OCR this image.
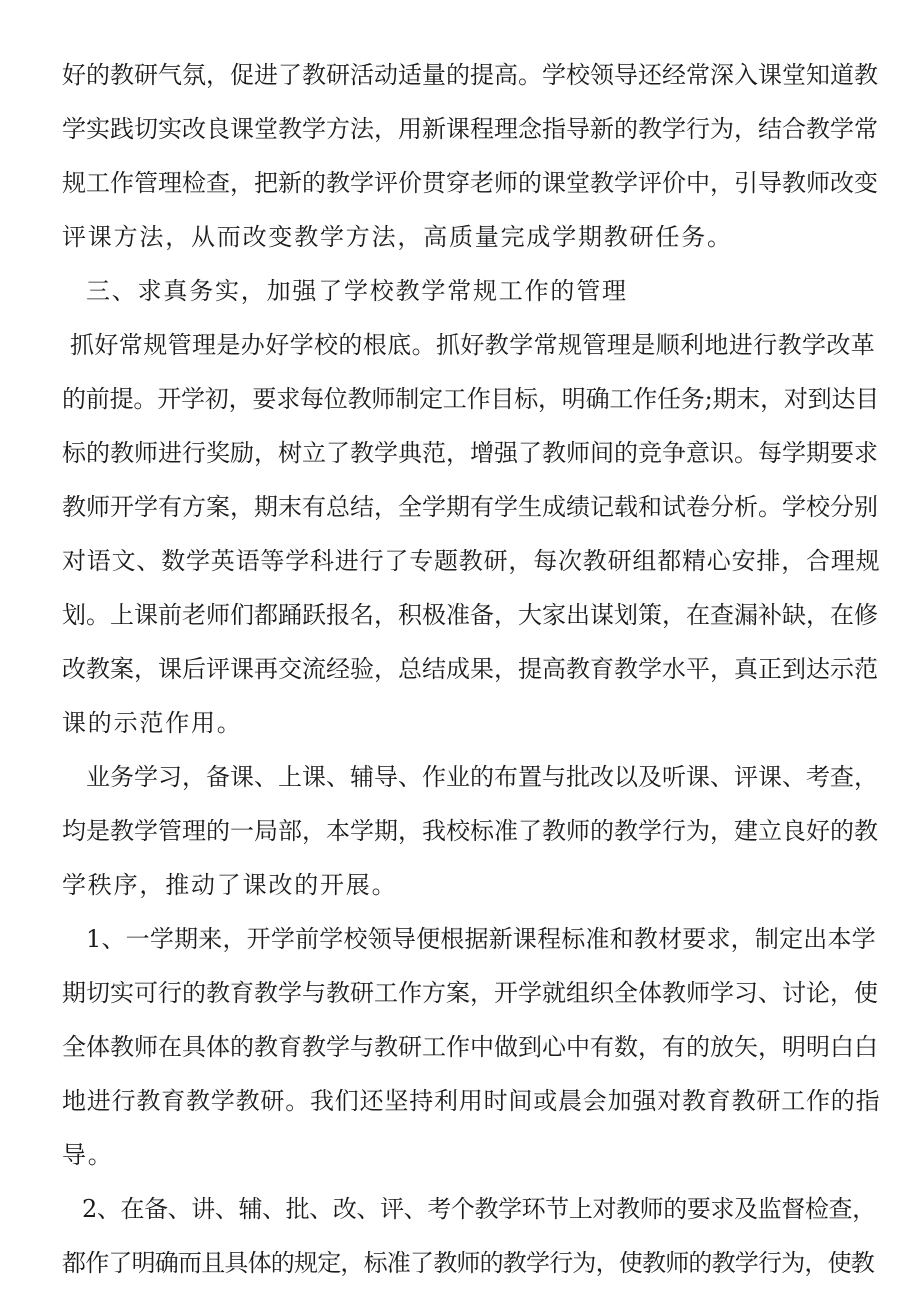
好的教研气氛，促进了教研活动适量的提高。学校领导还经常深入课堂知道教
学实践切实改良课堂教学方法，用新课程理念指导新的教学行为，结合教学常
规工作管理检查，把新的教学评价贯穿老师的课堂教学评价中，引导教师改变
评课方法，从而改变教学方法，高质量完成学期教研任务。
三、求真务实，加强了学校教学常规工作的管理
抓好常规管理是办好学校的根底。抓好教学常规管理是顺利地进行教学改革
的前提。开学初，要求每位教师制定工作目标，明确工作任务;期末，对到达目
标的教师进行奖励，树立了教学典范，增强了教师间的竞争意识。每学期要求
教师开学有方案，期末有总结，全学期有学生成绩记载和试卷分析。学校分别
对语文、数学英语等学科进行了专题教研，每次教研组都精心安排，合理规
划。上课前老师们都踊跃报名，积极准备，大家出谋划策，在查漏补缺，在修
改教案，课后评课再交流经验，总结成果，提高教育教学水平，真正到达示范
课的示范作用。
业务学习，备课、上课、辅导、作业的布置与批改以及听课、评课、考查，
均是教学管理的一局部，本学期，我校标准了教师的教学行为，建立良好的教
学秩序，推动了课改的开展。
1、一学期来，开学前学校领导便根据新课程标准和教材要求，制定出本学
期切实可行的教育教学与教研工作方案，开学就组织全体教师学习、讨论，使
全体教师在具体的教育教学与教研工作中做到心中有数，有的放矢，明明白白
地进行教育教学教研。我们还坚持利用时间或晨会加强对教育教研工作的指
导。
2、在备、讲、辅、批、改、评、考个教学环节上对教师的要求及监督检查，
都作了明确而且具体的规定，标准了教师的教学行为，使教师的教学行为，使教
